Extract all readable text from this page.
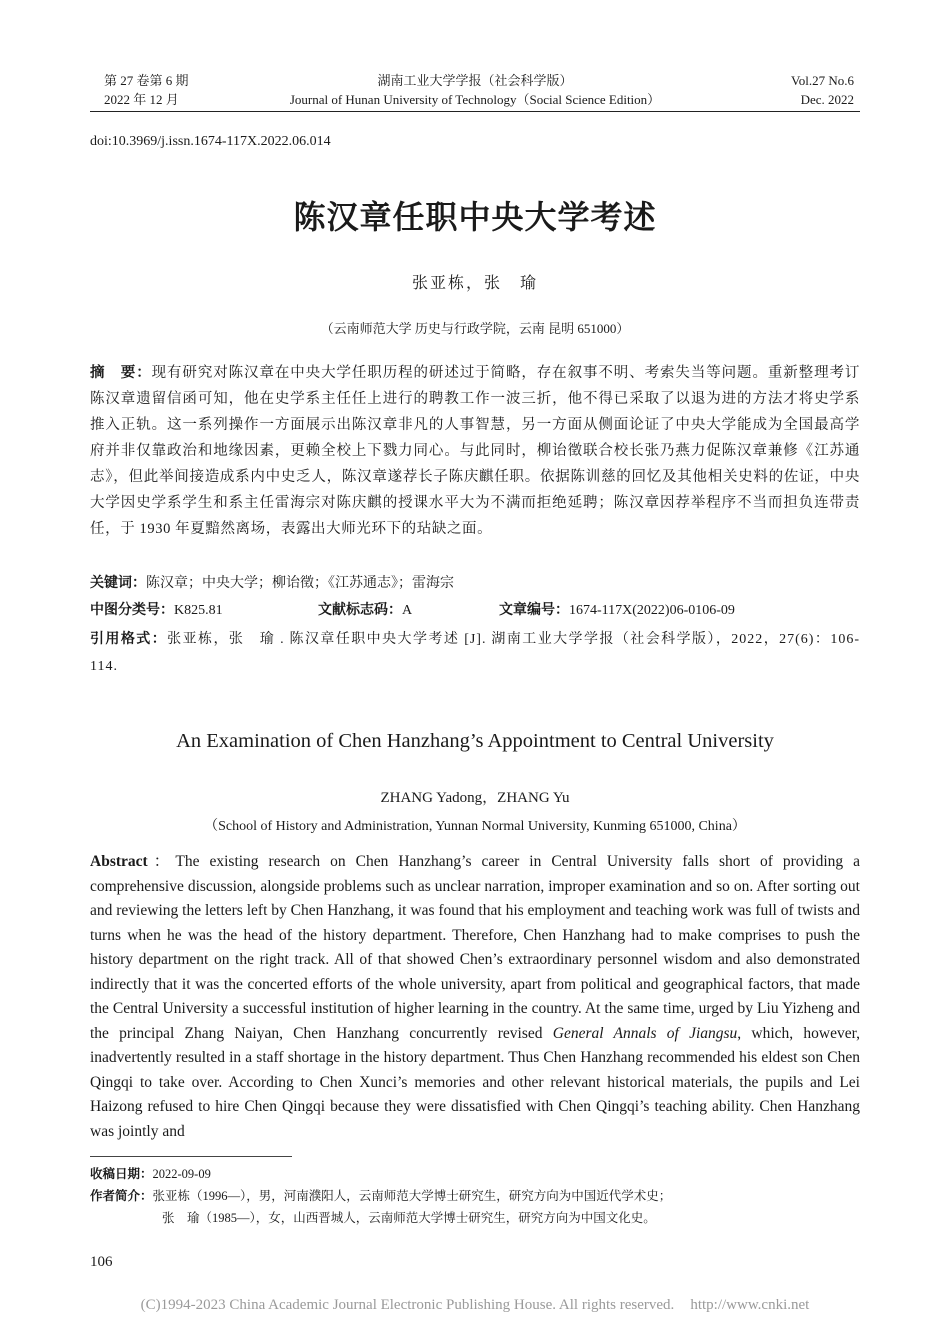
第 27 卷第 6 期
2022 年 12 月
湖南工业大学学报（社会科学版）
Journal of Hunan University of Technology（Social Science Edition）
Vol.27 No.6
Dec. 2022
doi:10.3969/j.issn.1674-117X.2022.06.014
陈汉章任职中央大学考述
张亚栋，张　瑜
（云南师范大学 历史与行政学院，云南 昆明 651000）
摘　要：现有研究对陈汉章在中央大学任职历程的研述过于简略，存在叙事不明、考索失当等问题。重新整理考订陈汉章遗留信函可知，他在史学系主任任上进行的聘教工作一波三折，他不得已采取了以退为进的方法才将史学系推入正轨。这一系列操作一方面展示出陈汉章非凡的人事智慧，另一方面从侧面论证了中央大学能成为全国最高学府并非仅靠政治和地缘因素，更赖全校上下戮力同心。与此同时，柳诒徵联合校长张乃燕力促陈汉章兼修《江苏通志》，但此举间接造成系内中史乏人，陈汉章遂荐长子陈庆麒任职。依据陈训慈的回忆及其他相关史料的佐证，中央大学因史学系学生和系主任雷海宗对陈庆麒的授课水平大为不满而拒绝延聘；陈汉章因荐举程序不当而担负连带责任，于 1930 年夏黯然离场，表露出大师光环下的玷缺之面。
关键词：陈汉章；中央大学；柳诒徵；《江苏通志》；雷海宗
中图分类号：K825.81	文献标志码：A	文章编号：1674-117X(2022)06-0106-09
引用格式：张亚栋，张　瑜 . 陈汉章任职中央大学考述 [J]. 湖南工业大学学报（社会科学版），2022，27(6)：106-114.
An Examination of Chen Hanzhang’s Appointment to Central University
ZHANG Yadong，ZHANG Yu
（School of History and Administration, Yunnan Normal University, Kunming 651000, China）
Abstract：The existing research on Chen Hanzhang’s career in Central University falls short of providing a comprehensive discussion, alongside problems such as unclear narration, improper examination and so on. After sorting out and reviewing the letters left by Chen Hanzhang, it was found that his employment and teaching work was full of twists and turns when he was the head of the history department. Therefore, Chen Hanzhang had to make comprises to push the history department on the right track. All of that showed Chen’s extraordinary personnel wisdom and also demonstrated indirectly that it was the concerted efforts of the whole university, apart from political and geographical factors, that made the Central University a successful institution of higher learning in the country. At the same time, urged by Liu Yizheng and the principal Zhang Naiyan, Chen Hanzhang concurrently revised General Annals of Jiangsu, which, however, inadvertently resulted in a staff shortage in the history department. Thus Chen Hanzhang recommended his eldest son Chen Qingqi to take over. According to Chen Xunci’s memories and other relevant historical materials, the pupils and Lei Haizong refused to hire Chen Qingqi because they were dissatisfied with Chen Qingqi’s teaching ability. Chen Hanzhang was jointly and
收稿日期：2022-09-09
作者简介：张亚栋（1996—），男，河南濮阳人，云南师范大学博士研究生，研究方向为中国近代学术史；
张　瑜（1985—），女，山西晋城人，云南师范大学博士研究生，研究方向为中国文化史。
106
(C)1994-2023 China Academic Journal Electronic Publishing House. All rights reserved. http://www.cnki.net
